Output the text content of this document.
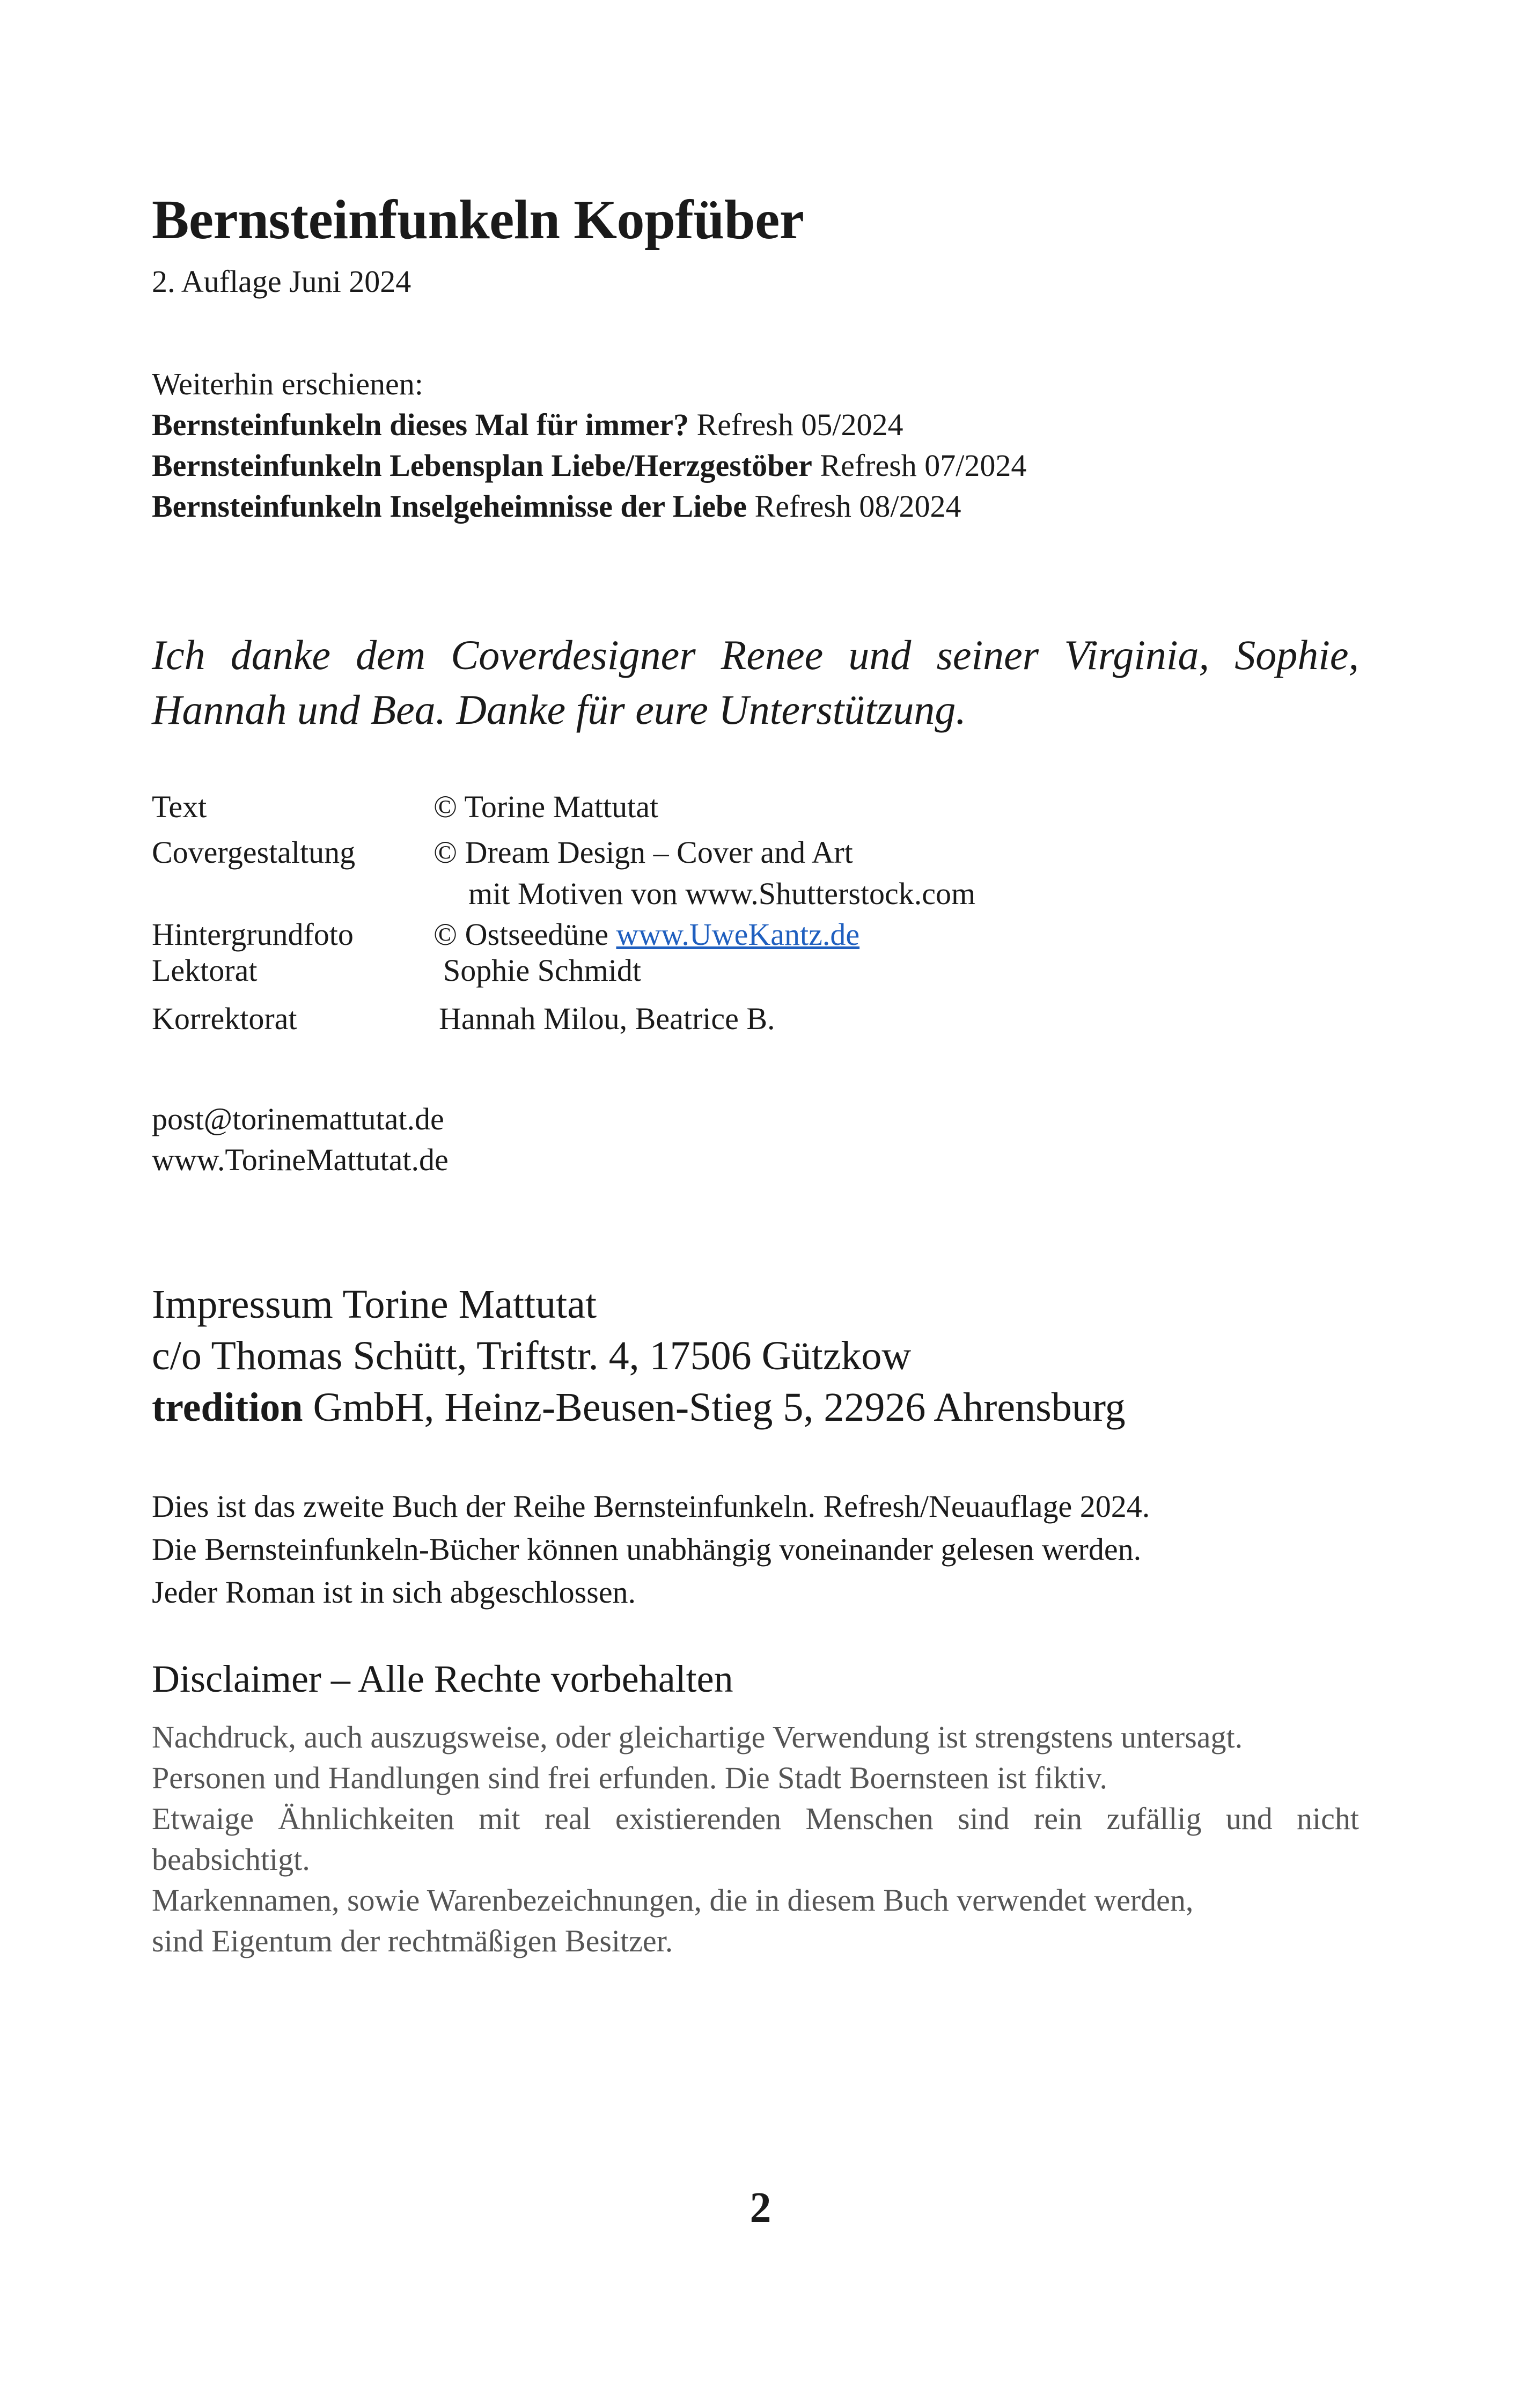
Bernsteinfunkeln Kopfüber
2. Auflage Juni 2024
Weiterhin erschienen:
Bernsteinfunkeln dieses Mal für immer? Refresh 05/2024
Bernsteinfunkeln Lebensplan Liebe/Herzgestöber Refresh 07/2024
Bernsteinfunkeln Inselgeheimnisse der Liebe Refresh 08/2024
Ich danke dem Coverdesigner Renee und seiner Virginia, Sophie, Hannah und Bea. Danke für eure Unterstützung.
Text	© Torine Mattutat
Covergestaltung	© Dream Design – Cover and Art
mit Motiven von www.Shutterstock.com
Hintergrundfoto	© Ostseedüne www.UweKantz.de
Lektorat	Sophie Schmidt
Korrektorat	Hannah Milou, Beatrice B.
post@torinemattutat.de
www.TorineMattutat.de
Impressum Torine Mattutat
c/o Thomas Schütt, Triftstr. 4, 17506 Gützkow
tredition GmbH, Heinz-Beusen-Stieg 5, 22926 Ahrensburg
Dies ist das zweite Buch der Reihe Bernsteinfunkeln. Refresh/Neuauflage 2024.
Die Bernsteinfunkeln-Bücher können unabhängig voneinander gelesen werden.
Jeder Roman ist in sich abgeschlossen.
Disclaimer – Alle Rechte vorbehalten
Nachdruck, auch auszugsweise, oder gleichartige Verwendung ist strengstens untersagt.
Personen und Handlungen sind frei erfunden. Die Stadt Boernsteen ist fiktiv.
Etwaige Ähnlichkeiten mit real existierenden Menschen sind rein zufällig und nicht beabsichtigt.
Markennamen, sowie Warenbezeichnungen, die in diesem Buch verwendet werden,
sind Eigentum der rechtmäßigen Besitzer.
2
